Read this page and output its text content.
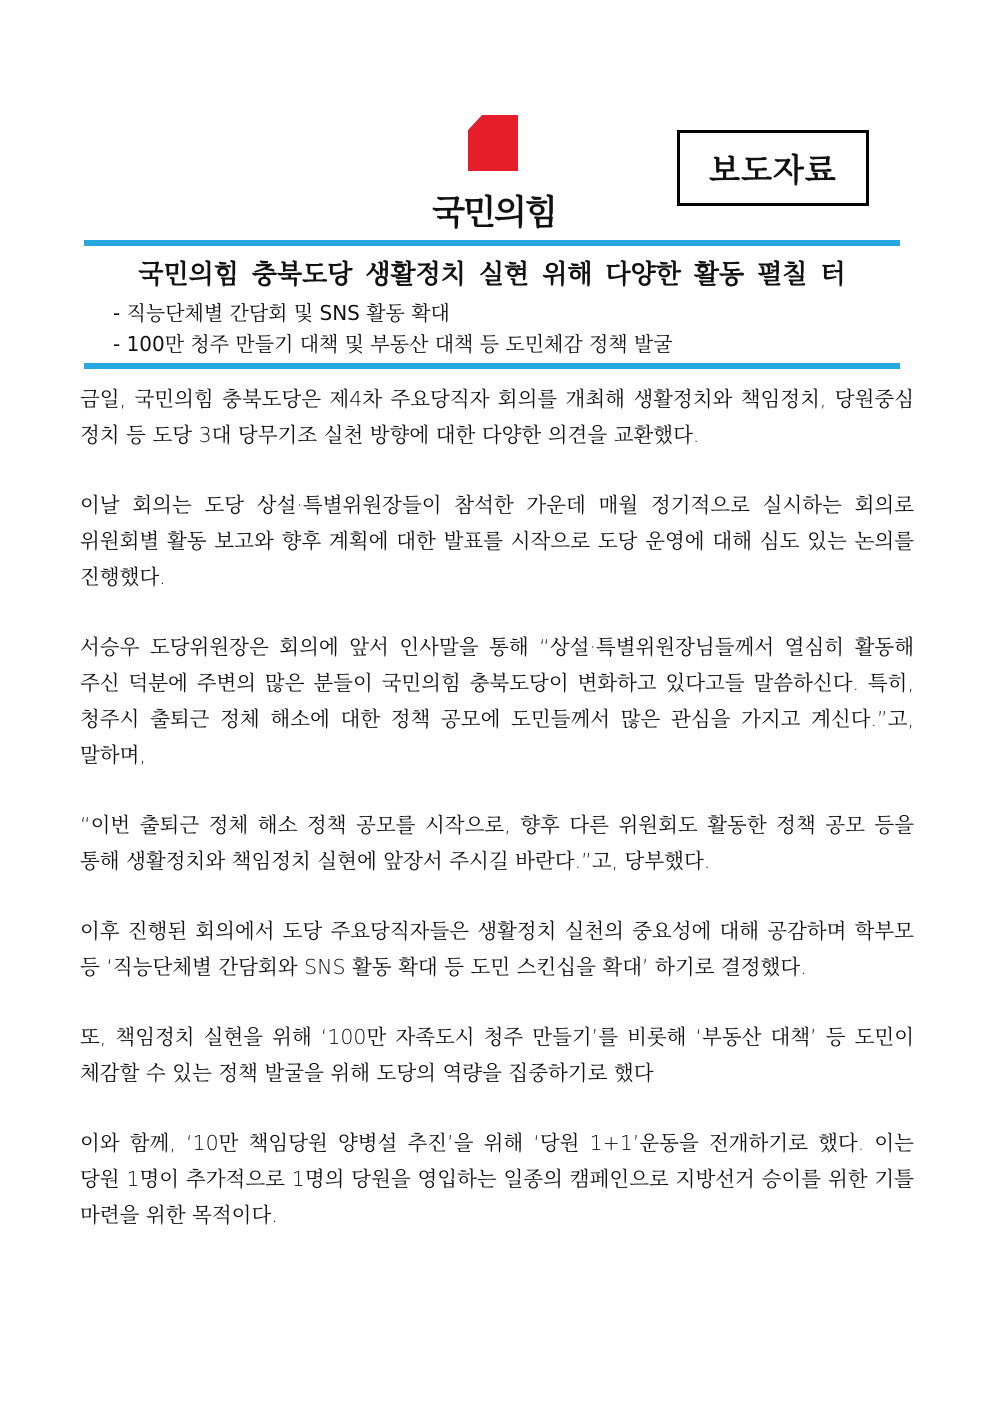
국민의힘
보도자료
국민의힘 충북도당 생활정치 실현 위해 다양한 활동 펼칠 터
- 직능단체별 간담회 및 SNS 활동 확대
- 100만 청주 만들기 대책 및 부동산 대책 등 도민체감 정책 발굴

금일, 국민의힘 충북도당은 제4차 주요당직자 회의를 개최해 생활정치와 책임정치, 당원중심 정치 등 도당 3대 당무기조 실천 방향에 대한 다양한 의견을 교환했다.

이날 회의는 도당 상설·특별위원장들이 참석한 가운데 매월 정기적으로 실시하는 회의로 위원회별 활동 보고와 향후 계획에 대한 발표를 시작으로 도당 운영에 대해 심도 있는 논의를 진행했다.

서승우 도당위원장은 회의에 앞서 인사말을 통해 “상설·특별위원장님들께서 열심히 활동해 주신 덕분에 주변의 많은 분들이 국민의힘 충북도당이 변화하고 있다고들 말씀하신다. 특히, 청주시 출퇴근 정체 해소에 대한 정책 공모에 도민들께서 많은 관심을 가지고 계신다.”고, 말하며,

“이번 출퇴근 정체 해소 정책 공모를 시작으로, 향후 다른 위원회도 활동한 정책 공모 등을 통해 생활정치와 책임정치 실현에 앞장서 주시길 바란다.”고, 당부했다.

이후 진행된 회의에서 도당 주요당직자들은 생활정치 실천의 중요성에 대해 공감하며 학부모 등 ‘직능단체별 간담회와 SNS 활동 확대 등 도민 스킨십을 확대’ 하기로 결정했다.

또, 책임정치 실현을 위해 ‘100만 자족도시 청주 만들기’를 비롯해 ‘부동산 대책’ 등 도민이 체감할 수 있는 정책 발굴을 위해 도당의 역량을 집중하기로 했다

이와 함께, ‘10만 책임당원 양병설 추진’을 위해 ‘당원 1+1’운동을 전개하기로 했다. 이는 당원 1명이 추가적으로 1명의 당원을 영입하는 일종의 캠페인으로 지방선거 승이를 위한 기틀 마련을 위한 목적이다.
